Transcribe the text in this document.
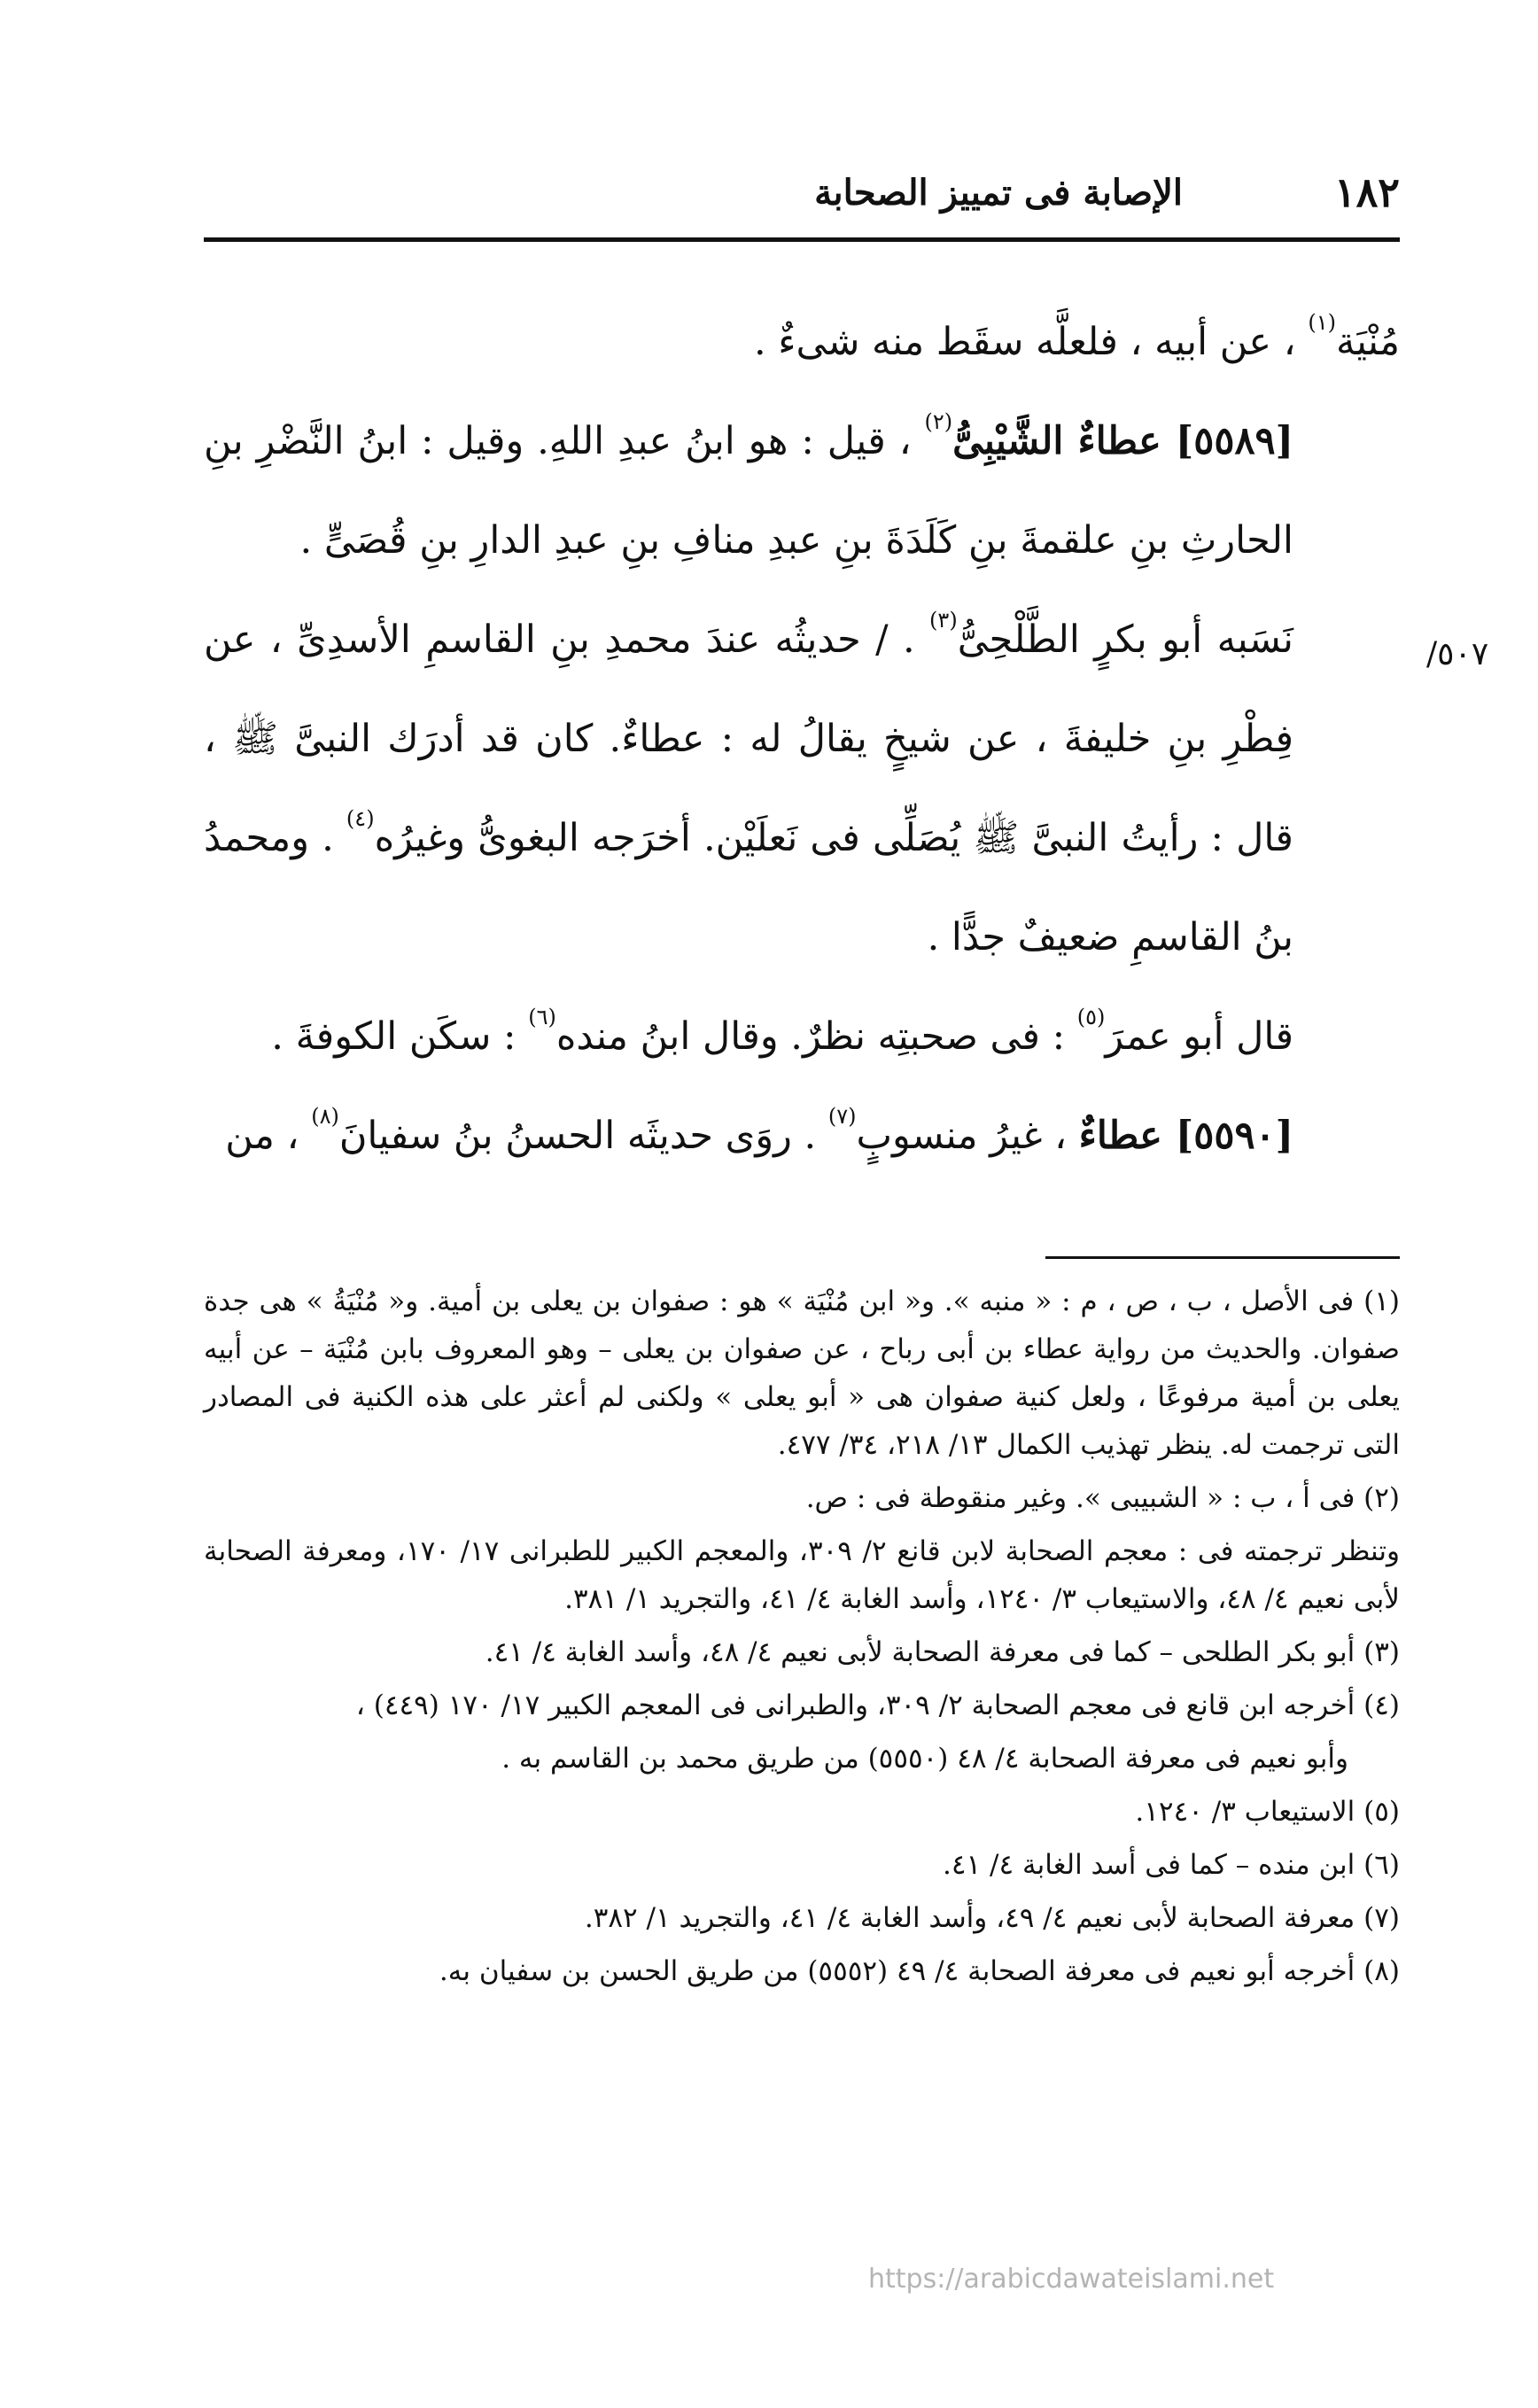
١٨٢
الإصابة فى تمييز الصحابة
٥٠٧/

مُنْيَة$^{(١)}$ ، عن أبيه ، فلعلَّه سقَط منه شىءٌ .

[٥٥٨٩] عطاءٌ الشَّيْبِىُّ$^{(٢)}$ ، قيل : هو ابنُ عبدِ اللهِ. وقيل : ابنُ النَّضْرِ بنِ الحارثِ بنِ علقمةَ بنِ كَلَدَةَ بنِ عبدِ منافِ بنِ عبدِ الدارِ بنِ قُصَىٍّ .

نَسَبه أبو بكرٍ الطَّلْحِىُّ$^{(٣)}$ . / حديثُه عندَ محمدِ بنِ القاسمِ الأسدِىِّ ، عن فِطْرِ بنِ خليفةَ ، عن شيخٍ يقالُ له : عطاءٌ. كان قد أدرَك النبىَّ ﷺ ، قال : رأيتُ النبىَّ ﷺ يُصَلِّى فى نَعلَيْن. أخرَجه البغوىُّ وغيرُه$^{(٤)}$ . ومحمدُ بنُ القاسمِ ضعيفٌ جدًّا .

قال أبو عمرَ$^{(٥)}$ : فى صحبتِه نظرٌ. وقال ابنُ منده$^{(٦)}$ : سكَن الكوفةَ .

[٥٥٩٠] عطاءٌ ، غيرُ منسوبٍ$^{(٧)}$ . روَى حديثَه الحسنُ بنُ سفيانَ$^{(٨)}$ ، من

(١) فى الأصل ، ب ، ص ، م : « منبه ». و« ابن مُنْيَة » هو : صفوان بن يعلى بن أمية. و« مُنْيَةُ » هى جدة صفوان. والحديث من رواية عطاء بن أبى رباح ، عن صفوان بن يعلى – وهو المعروف بابن مُنْيَة – عن أبيه يعلى بن أمية مرفوعًا ، ولعل كنية صفوان هى « أبو يعلى » ولكنى لم أعثر على هذه الكنية فى المصادر التى ترجمت له. ينظر تهذيب الكمال ١٣/ ٢١٨، ٣٤/ ٤٧٧.

(٢) فى أ ، ب : « الشبيبى ». وغير منقوطة فى : ص.

وتنظر ترجمته فى : معجم الصحابة لابن قانع ٢/ ٣٠٩، والمعجم الكبير للطبرانى ١٧/ ١٧٠، ومعرفة الصحابة لأبى نعيم ٤/ ٤٨، والاستيعاب ٣/ ١٢٤٠، وأسد الغابة ٤/ ٤١، والتجريد ١/ ٣٨١.

(٣) أبو بكر الطلحى – كما فى معرفة الصحابة لأبى نعيم ٤/ ٤٨، وأسد الغابة ٤/ ٤١.

(٤) أخرجه ابن قانع فى معجم الصحابة ٢/ ٣٠٩، والطبرانى فى المعجم الكبير ١٧/ ١٧٠ (٤٤٩) ،

وأبو نعيم فى معرفة الصحابة ٤/ ٤٨ (٥٥٥٠) من طريق محمد بن القاسم به .

(٥) الاستيعاب ٣/ ١٢٤٠.

(٦) ابن منده – كما فى أسد الغابة ٤/ ٤١.

(٧) معرفة الصحابة لأبى نعيم ٤/ ٤٩، وأسد الغابة ٤/ ٤١، والتجريد ١/ ٣٨٢.

(٨) أخرجه أبو نعيم فى معرفة الصحابة ٤/ ٤٩ (٥٥٥٢) من طريق الحسن بن سفيان به.

https://arabicdawateislami.net
